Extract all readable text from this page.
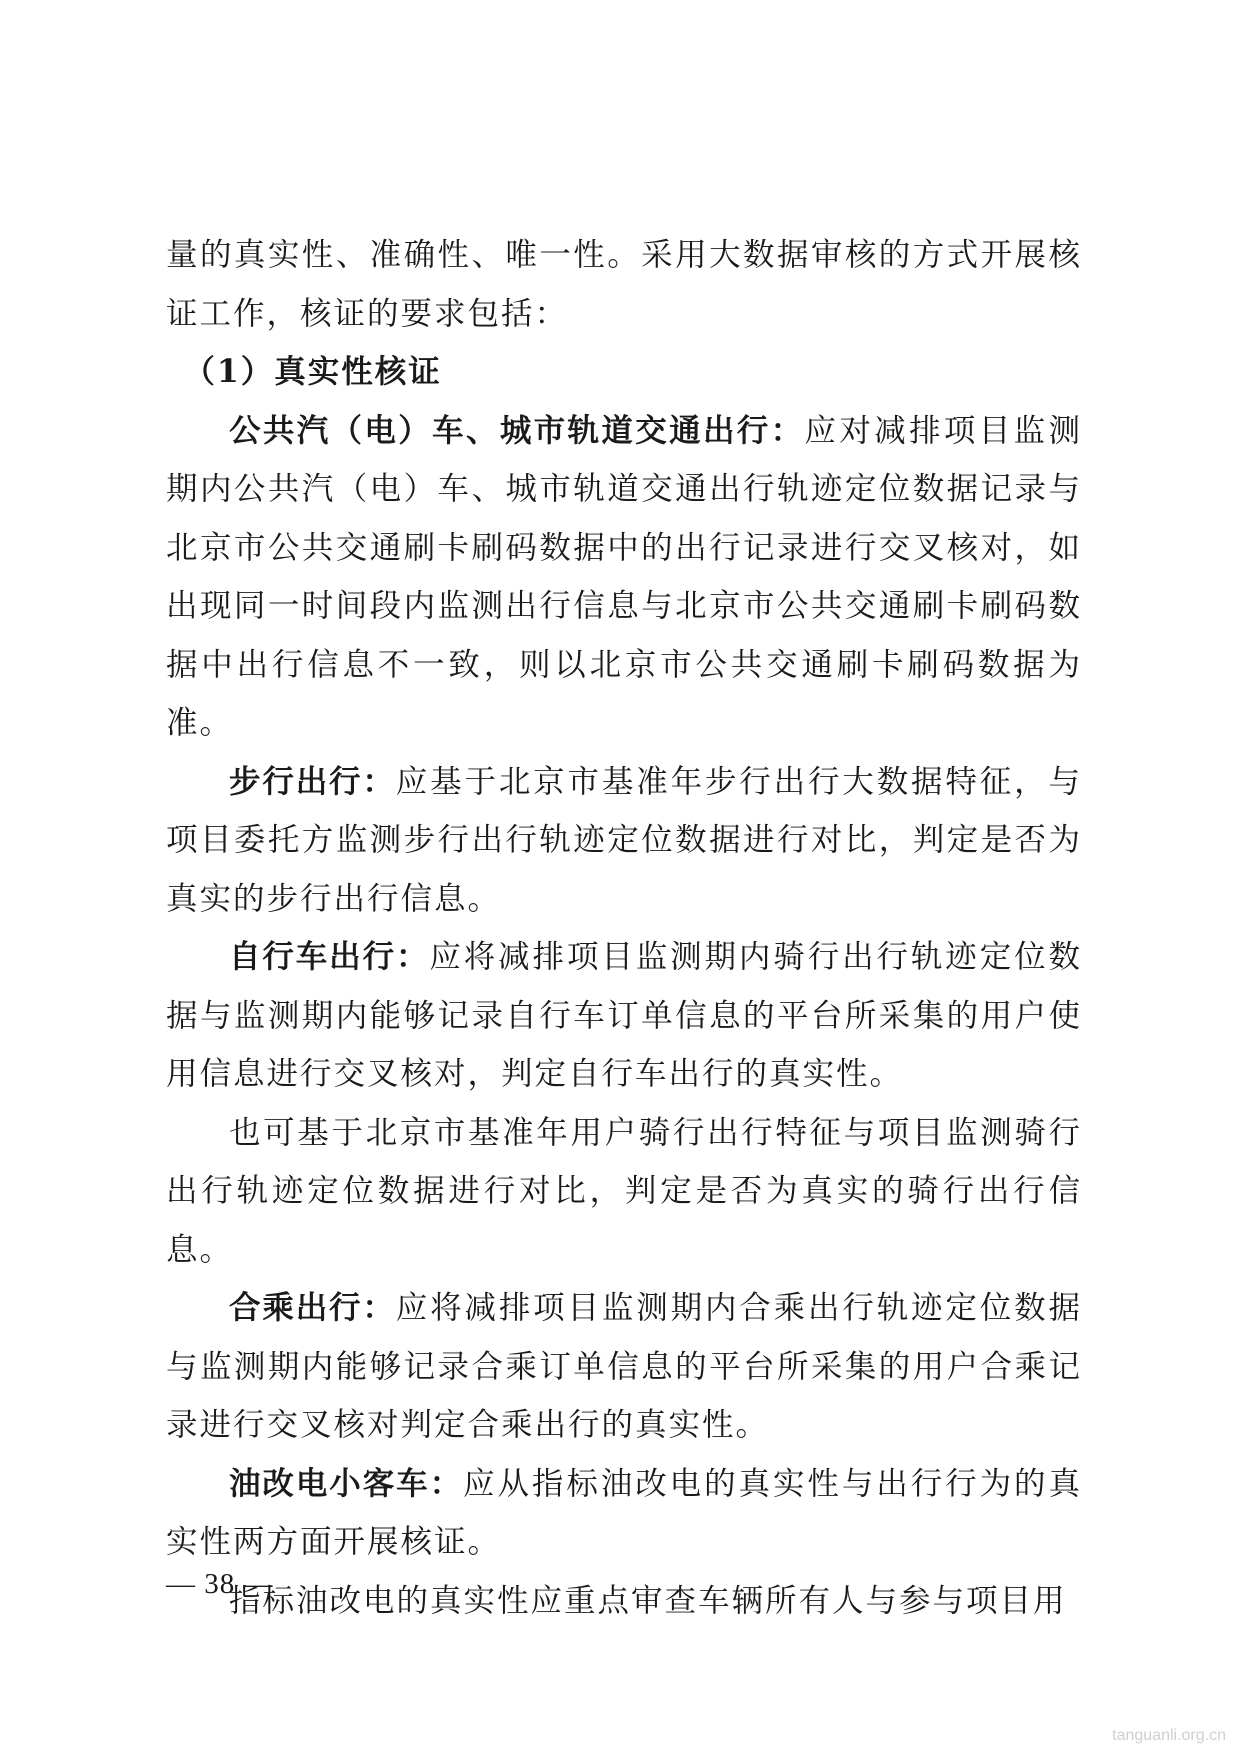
量的真实性、准确性、唯一性。采用大数据审核的方式开展核证工作，核证的要求包括：

（1）真实性核证

公共汽（电）车、城市轨道交通出行：应对减排项目监测期内公共汽（电）车、城市轨道交通出行轨迹定位数据记录与北京市公共交通刷卡刷码数据中的出行记录进行交叉核对，如出现同一时间段内监测出行信息与北京市公共交通刷卡刷码数据中出行信息不一致，则以北京市公共交通刷卡刷码数据为准。

步行出行：应基于北京市基准年步行出行大数据特征，与项目委托方监测步行出行轨迹定位数据进行对比，判定是否为真实的步行出行信息。

自行车出行：应将减排项目监测期内骑行出行轨迹定位数据与监测期内能够记录自行车订单信息的平台所采集的用户使用信息进行交叉核对，判定自行车出行的真实性。

也可基于北京市基准年用户骑行出行特征与项目监测骑行出行轨迹定位数据进行对比，判定是否为真实的骑行出行信息。

合乘出行：应将减排项目监测期内合乘出行轨迹定位数据与监测期内能够记录合乘订单信息的平台所采集的用户合乘记录进行交叉核对判定合乘出行的真实性。

油改电小客车：应从指标油改电的真实性与出行行为的真实性两方面开展核证。

指标油改电的真实性应重点审查车辆所有人与参与项目用

— 38 —
tanguanli.org.cn
